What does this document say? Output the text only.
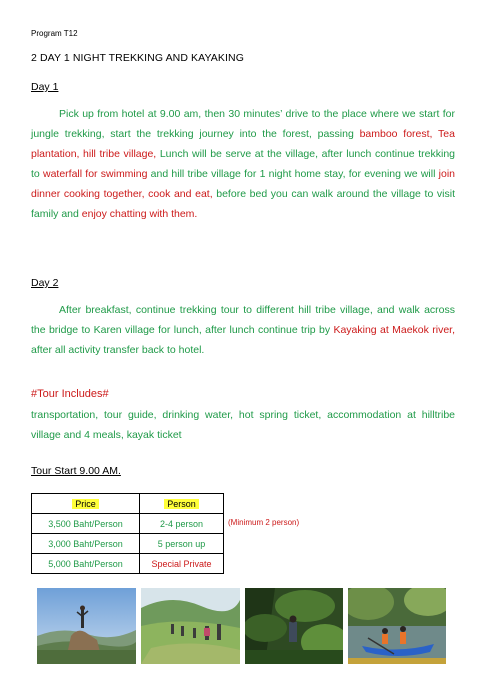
Program T12
2 DAY 1 NIGHT TREKKING AND KAYAKING
Day 1
Pick up from hotel at 9.00 am, then 30 minutes’ drive to the place where we start for jungle trekking, start the trekking journey into the forest, passing bamboo forest, Tea plantation, hill tribe village, Lunch will be serve at the village, after lunch continue trekking to waterfall for swimming and hill tribe village for 1 night home stay, for evening we will join dinner cooking together, cook and eat, before bed you can walk around the village to visit family and enjoy chatting with them.
Day 2
After breakfast, continue trekking tour to different hill tribe village, and walk across the bridge to Karen village for lunch, after lunch continue trip by Kayaking at Maekok river, after all activity transfer back to hotel.
#Tour Includes#
transportation, tour guide, drinking water, hot spring ticket, accommodation at hilltribe village and 4 meals, kayak ticket
Tour Start 9.00 AM.
Price	Person
3,500 Baht/Person	2-4 person
3,000 Baht/Person	5 person up
5,000 Baht/Person	Special Private
(Minimum 2 person)
